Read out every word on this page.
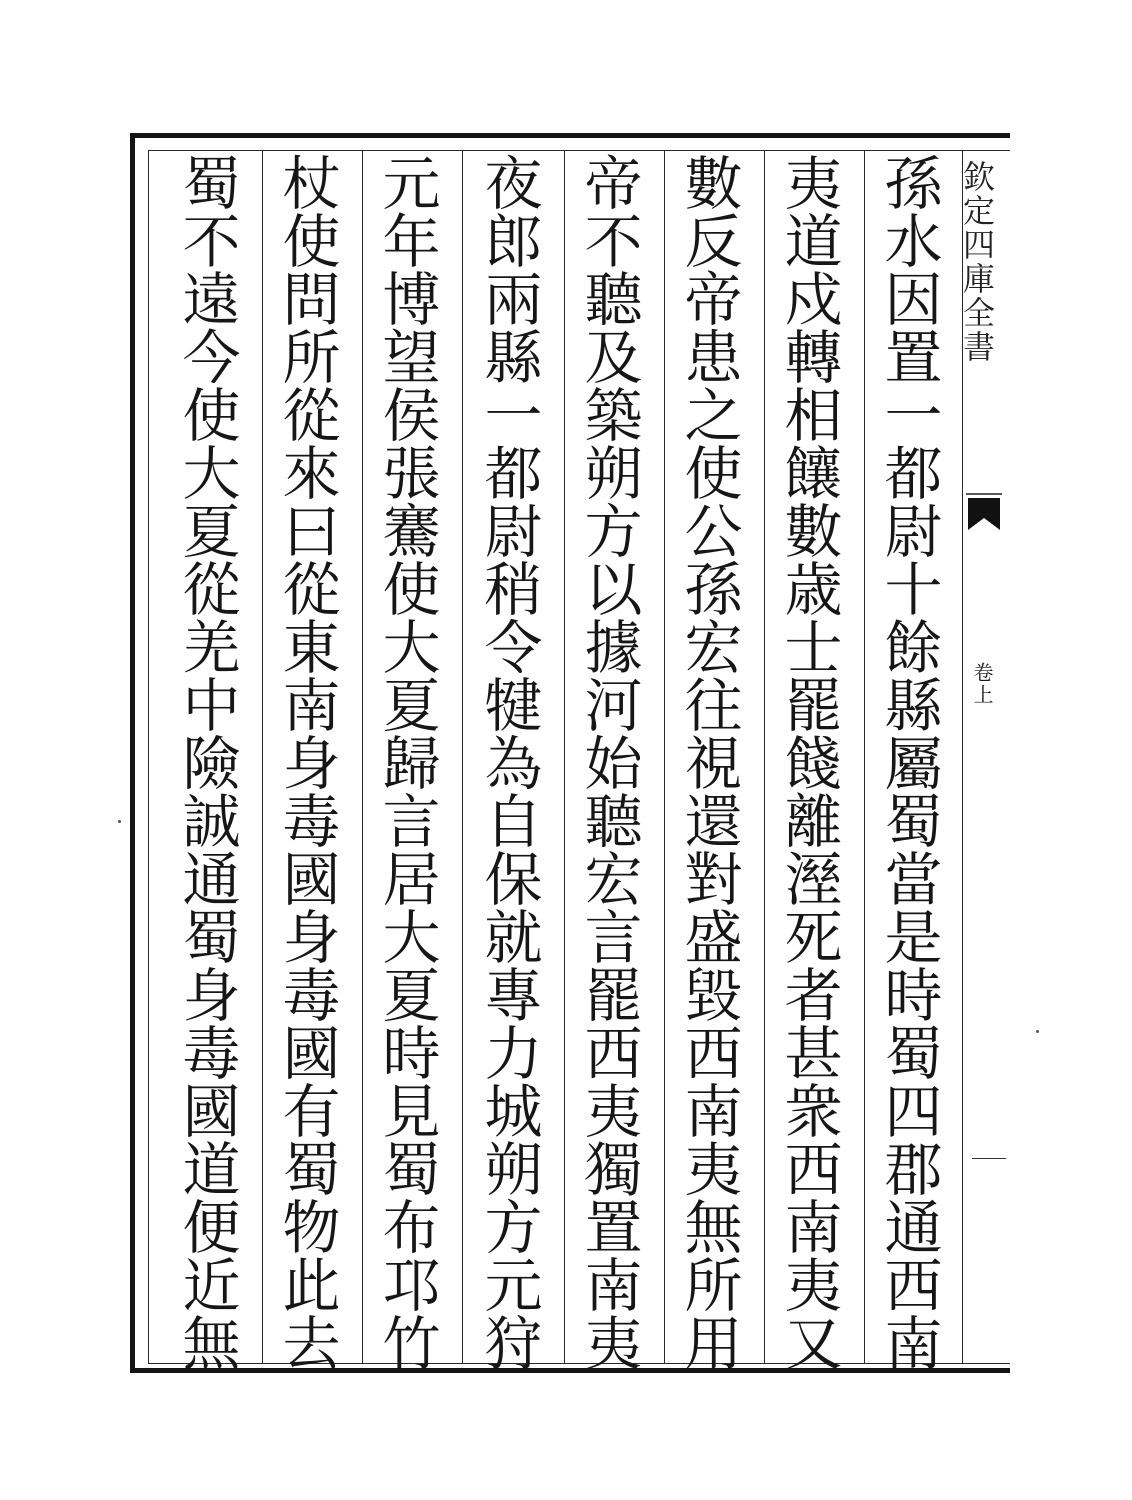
孫
水
因
置
一
都
尉
十
餘
縣
屬
蜀
當
是
時
蜀
四
郡
通
西
南
夷
道
戍
轉
相
饟
數
歳
士
罷
餞
離
溼
死
者
甚
衆
西
南
夷
又
數
反
帝
患
之
使
公
孫
宏
往
視
還
對
盛
毀
西
南
夷
無
所
用
帝
不
聽
及
築
朔
方
以
據
河
始
聽
宏
言
罷
西
夷
獨
置
南
夷
夜
郎
兩
縣
一
都
尉
稍
令
犍
為
自
保
就
專
力
城
朔
方
元
狩
元
年
博
望
侯
張
騫
使
大
夏
歸
言
居
大
夏
時
見
蜀
布
邛
竹
杖
使
問
所
從
來
曰
從
東
南
身
毒
國
身
毒
國
有
蜀
物
此
去
蜀
不
遠
今
使
大
夏
從
羌
中
險
誠
通
蜀
身
毒
國
道
便
近
無
欽定四庫全書
卷上
